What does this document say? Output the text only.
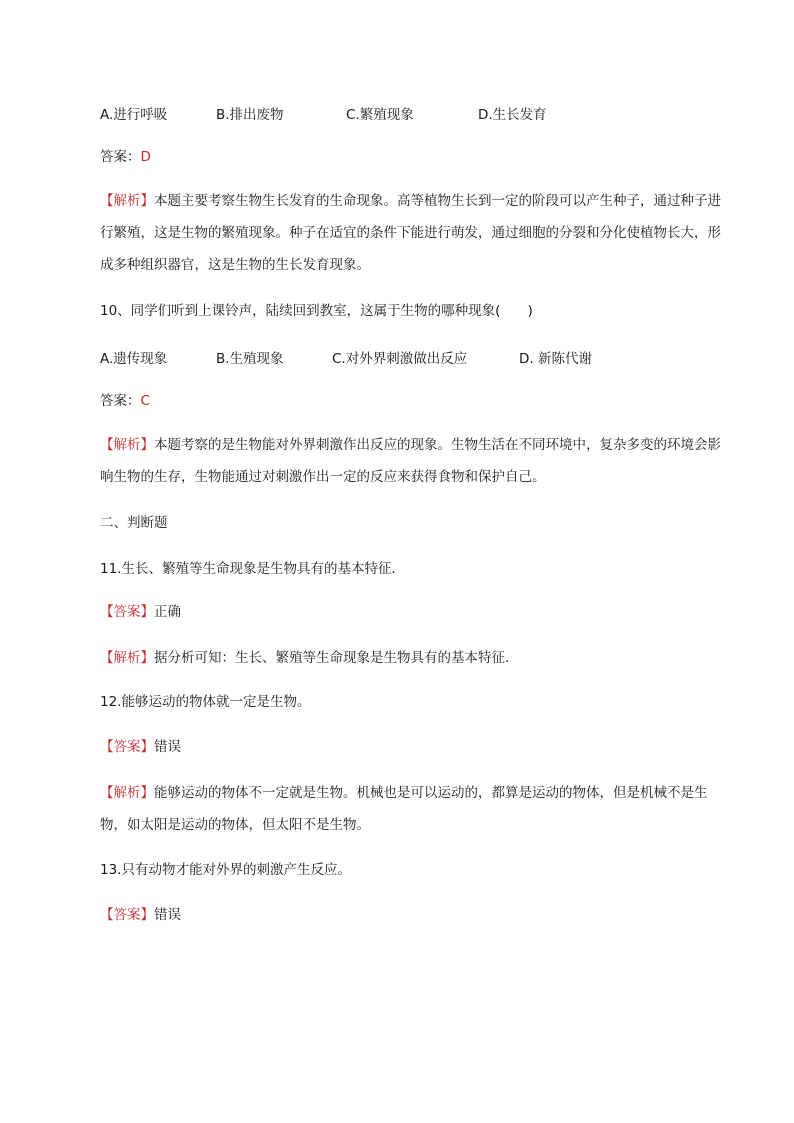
A.进行呼吸	B.排出废物	C.繁殖现象	D.生长发育
答案：D
【解析】本题主要考察生物生长发育的生命现象。高等植物生长到一定的阶段可以产生种子，通过种子进行繁殖，这是生物的繁殖现象。种子在适宜的条件下能进行萌发，通过细胞的分裂和分化使植物长大，形成多种组织器官，这是生物的生长发育现象。
10、同学们听到上课铃声，陆续回到教室，这属于生物的哪种现象(　　)
A.遗传现象	B.生殖现象	C.对外界刺激做出反应	D. 新陈代谢
答案：C
【解析】本题考察的是生物能对外界刺激作出反应的现象。生物生活在不同环境中，复杂多变的环境会影响生物的生存，生物能通过对刺激作出一定的反应来获得食物和保护自己。
二、判断题
11.生长、繁殖等生命现象是生物具有的基本特征．
【答案】正确
【解析】据分析可知：生长、繁殖等生命现象是生物具有的基本特征．
12.能够运动的物体就一定是生物。
【答案】错误
【解析】能够运动的物体不一定就是生物。机械也是可以运动的，都算是运动的物体，但是机械不是生物，如太阳是运动的物体，但太阳不是生物。
13.只有动物才能对外界的刺激产生反应。
【答案】错误
